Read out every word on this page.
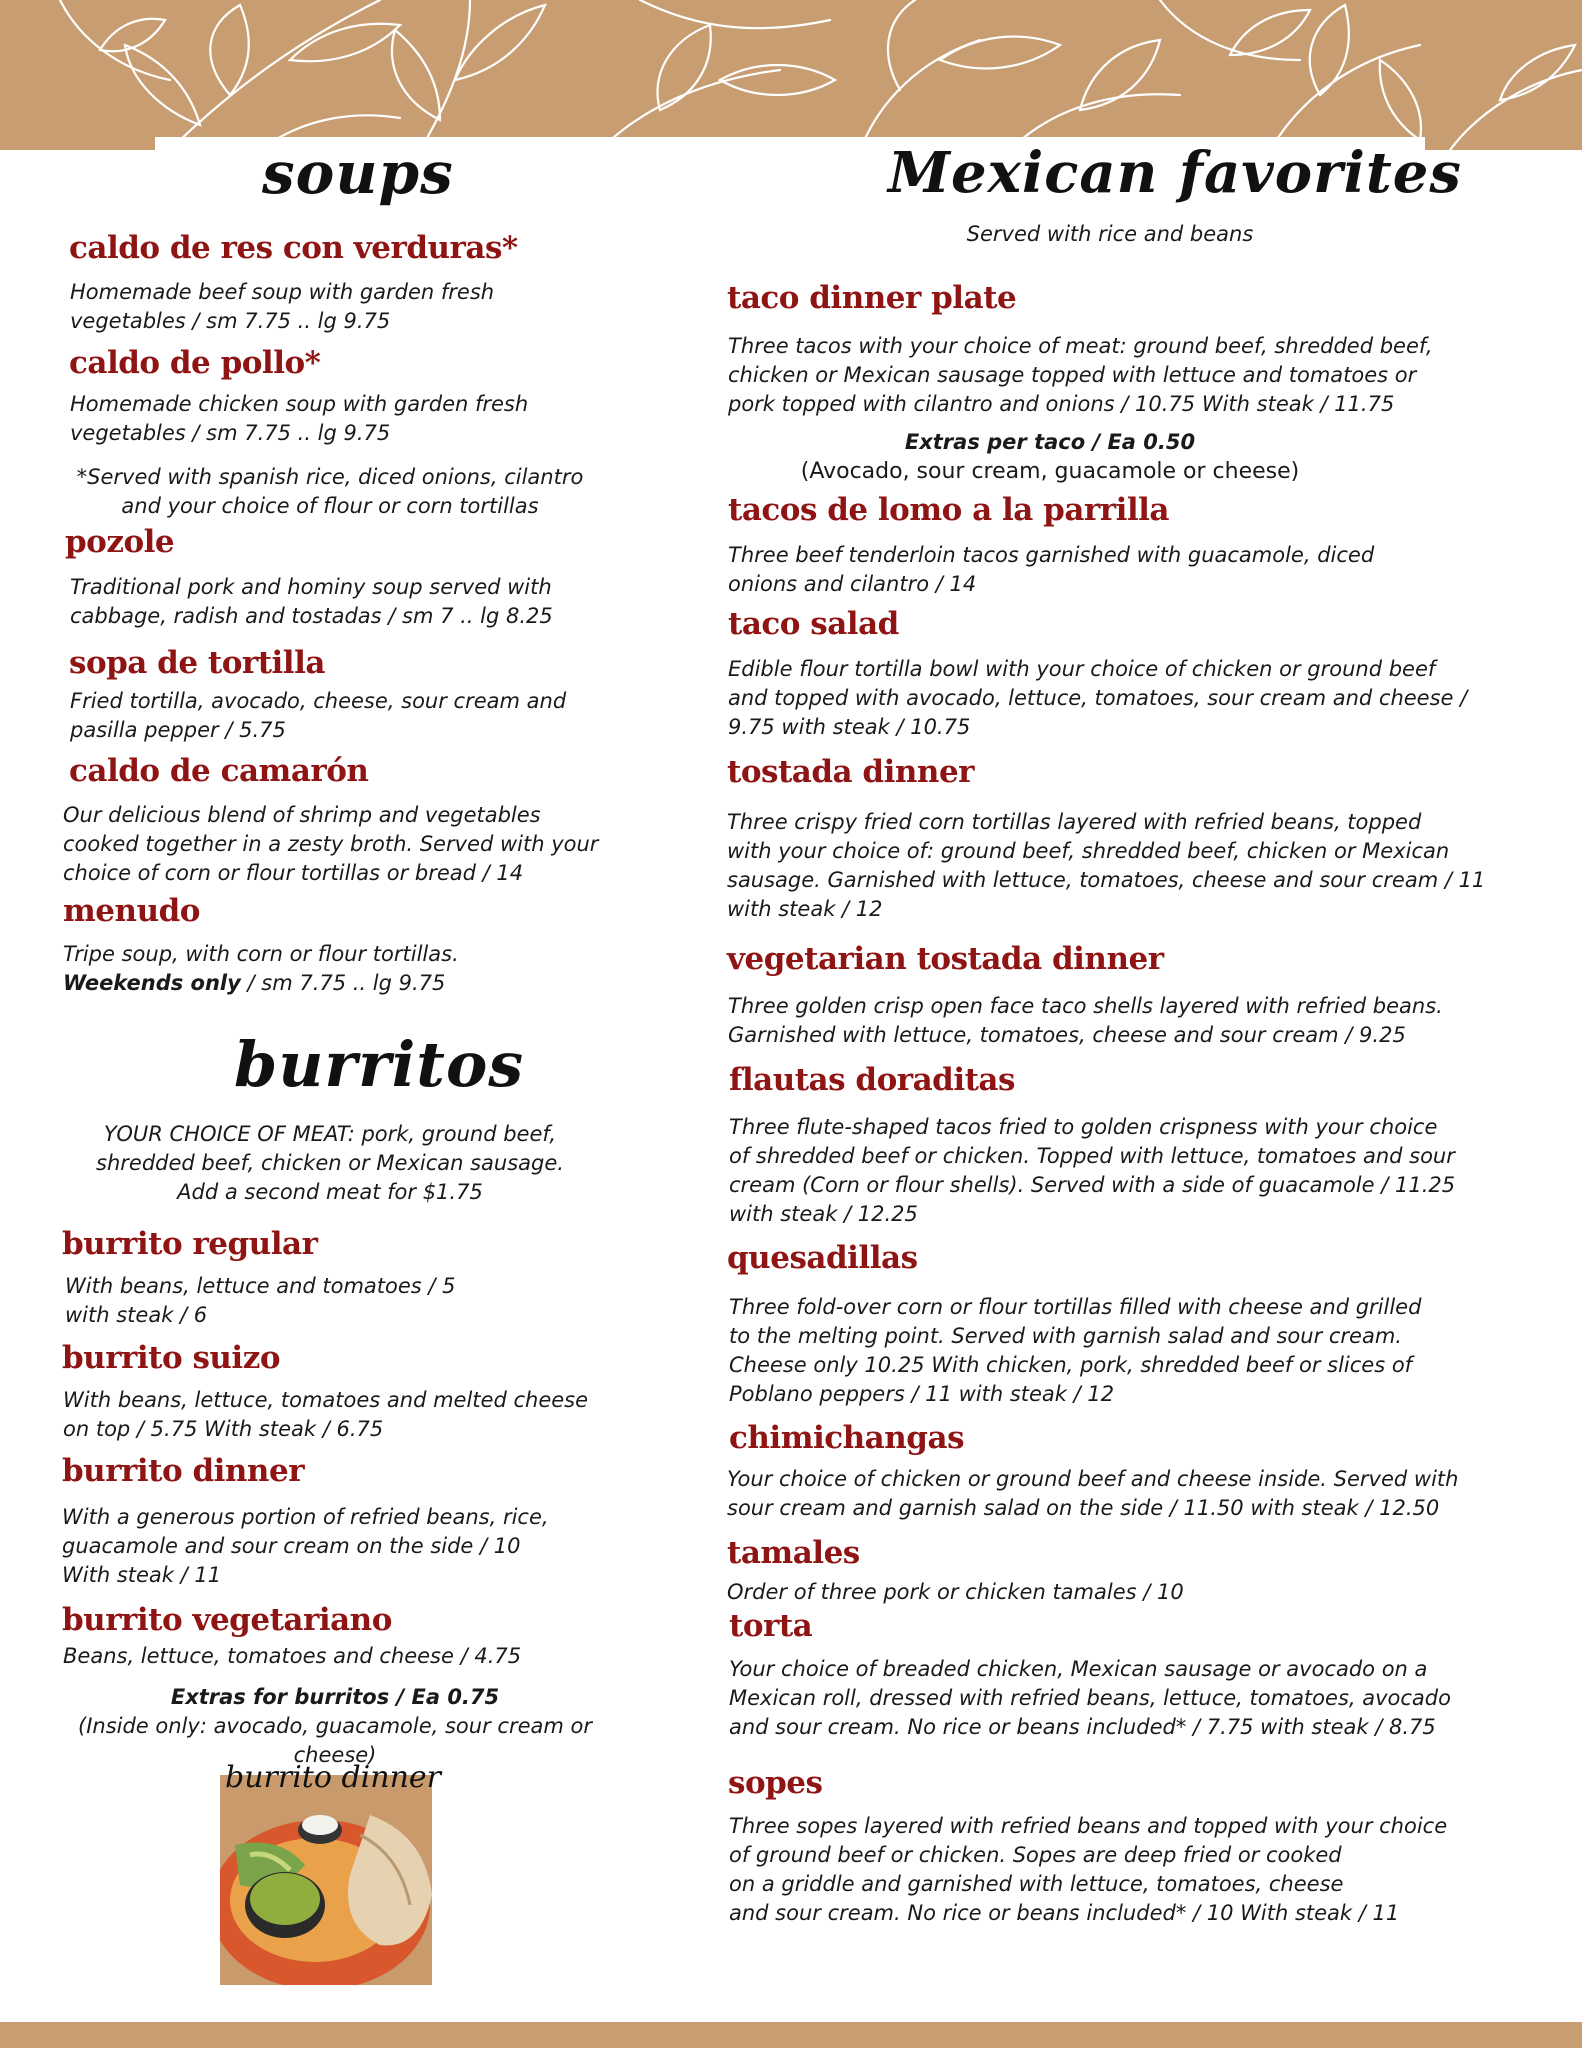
soups
caldo de res con verduras*
Homemade beef soup with garden fresh
vegetables / sm 7.75 .. lg 9.75
caldo de pollo*
Homemade chicken soup with garden fresh
vegetables / sm 7.75 .. lg 9.75
*Served with spanish rice, diced onions, cilantro
and your choice of flour or corn tortillas
pozole
Traditional pork and hominy soup served with
cabbage, radish and tostadas / sm 7 .. lg 8.25
sopa de tortilla
Fried tortilla, avocado, cheese, sour cream and
pasilla pepper / 5.75
caldo de camarón
Our delicious blend of shrimp and vegetables
cooked together in a zesty broth. Served with your
choice of corn or flour tortillas or bread / 14
menudo
Tripe soup, with corn or flour tortillas.
Weekends only / sm 7.75 .. lg 9.75
burritos
YOUR CHOICE OF MEAT: pork, ground beef,
shredded beef, chicken or Mexican sausage.
Add a second meat for $1.75
burrito regular
With beans, lettuce and tomatoes / 5
with steak / 6
burrito suizo
With beans, lettuce, tomatoes and melted cheese
on top / 5.75 With steak / 6.75
burrito dinner
With a generous portion of refried beans, rice,
guacamole and sour cream on the side / 10
With steak / 11
burrito vegetariano
Beans, lettuce, tomatoes and cheese / 4.75
Extras for burritos / Ea 0.75
(Inside only: avocado, guacamole, sour cream or cheese)
burrito dinner
Mexican favorites
Served with rice and beans
taco dinner plate
Three tacos with your choice of meat: ground beef, shredded beef,
chicken or Mexican sausage topped with lettuce and tomatoes or
pork topped with cilantro and onions / 10.75 With steak / 11.75
Extras per taco / Ea 0.50
(Avocado, sour cream, guacamole or cheese)
tacos de lomo a la parrilla
Three beef tenderloin tacos garnished with guacamole, diced
onions and cilantro / 14
taco salad
Edible flour tortilla bowl with your choice of chicken or ground beef
and topped with avocado, lettuce, tomatoes, sour cream and cheese /
9.75 with steak / 10.75
tostada dinner
Three crispy fried corn tortillas layered with refried beans, topped
with your choice of: ground beef, shredded beef, chicken or Mexican
sausage. Garnished with lettuce, tomatoes, cheese and sour cream / 11
with steak / 12
vegetarian tostada dinner
Three golden crisp open face taco shells layered with refried beans.
Garnished with lettuce, tomatoes, cheese and sour cream / 9.25
flautas doraditas
Three flute-shaped tacos fried to golden crispness with your choice
of shredded beef or chicken. Topped with lettuce, tomatoes and sour
cream (Corn or flour shells). Served with a side of guacamole / 11.25
with steak / 12.25
quesadillas
Three fold-over corn or flour tortillas filled with cheese and grilled
to the melting point. Served with garnish salad and sour cream.
Cheese only 10.25 With chicken, pork, shredded beef or slices of
Poblano peppers / 11 with steak / 12
chimichangas
Your choice of chicken or ground beef and cheese inside. Served with
sour cream and garnish salad on the side / 11.50 with steak / 12.50
tamales
Order of three pork or chicken tamales / 10
torta
Your choice of breaded chicken, Mexican sausage or avocado on a
Mexican roll, dressed with refried beans, lettuce, tomatoes, avocado
and sour cream. No rice or beans included* / 7.75 with steak / 8.75
sopes
Three sopes layered with refried beans and topped with your choice
of ground beef or chicken. Sopes are deep fried or cooked
on a griddle and garnished with lettuce, tomatoes, cheese
and sour cream. No rice or beans included* / 10 With steak / 11
